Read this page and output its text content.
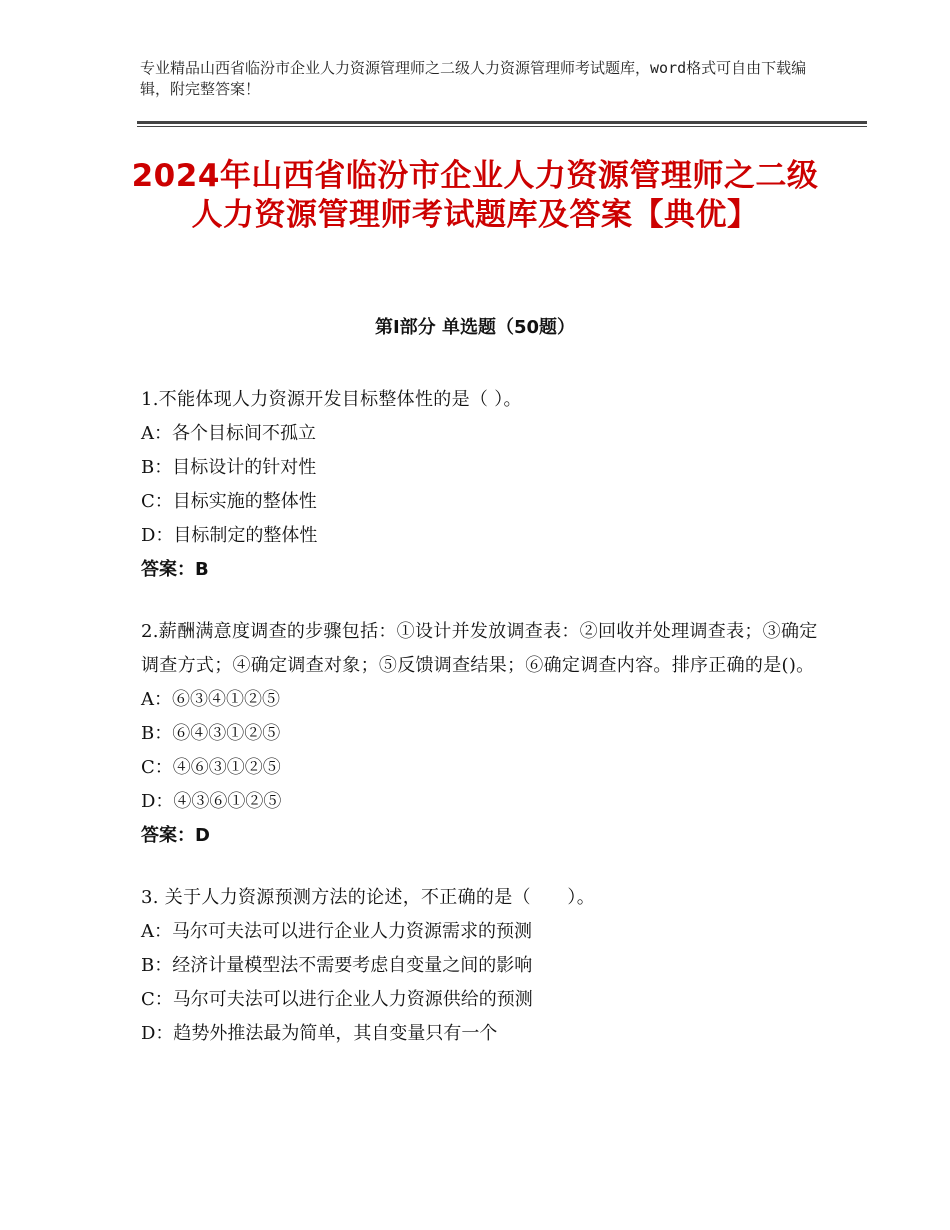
专业精品山西省临汾市企业人力资源管理师之二级人力资源管理师考试题库，word格式可自由下载编辑，附完整答案！
2024年山西省临汾市企业人力资源管理师之二级人力资源管理师考试题库及答案【典优】
第Ⅰ部分 单选题（50题）
1.不能体现人力资源开发目标整体性的是（ ）。
A：各个目标间不孤立
B：目标设计的针对性
C：目标实施的整体性
D：目标制定的整体性
答案：B
2.薪酬满意度调查的步骤包括：①设计并发放调查表：②回收并处理调查表；③确定调查方式；④确定调查对象；⑤反馈调查结果；⑥确定调查内容。排序正确的是()。
A：⑥③④①②⑤
B：⑥④③①②⑤
C：④⑥③①②⑤
D：④③⑥①②⑤
答案：D
3. 关于人力资源预测方法的论述，不正确的是（　　）。
A：马尔可夫法可以进行企业人力资源需求的预测
B：经济计量模型法不需要考虑自变量之间的影响
C：马尔可夫法可以进行企业人力资源供给的预测
D：趋势外推法最为简单，其自变量只有一个
